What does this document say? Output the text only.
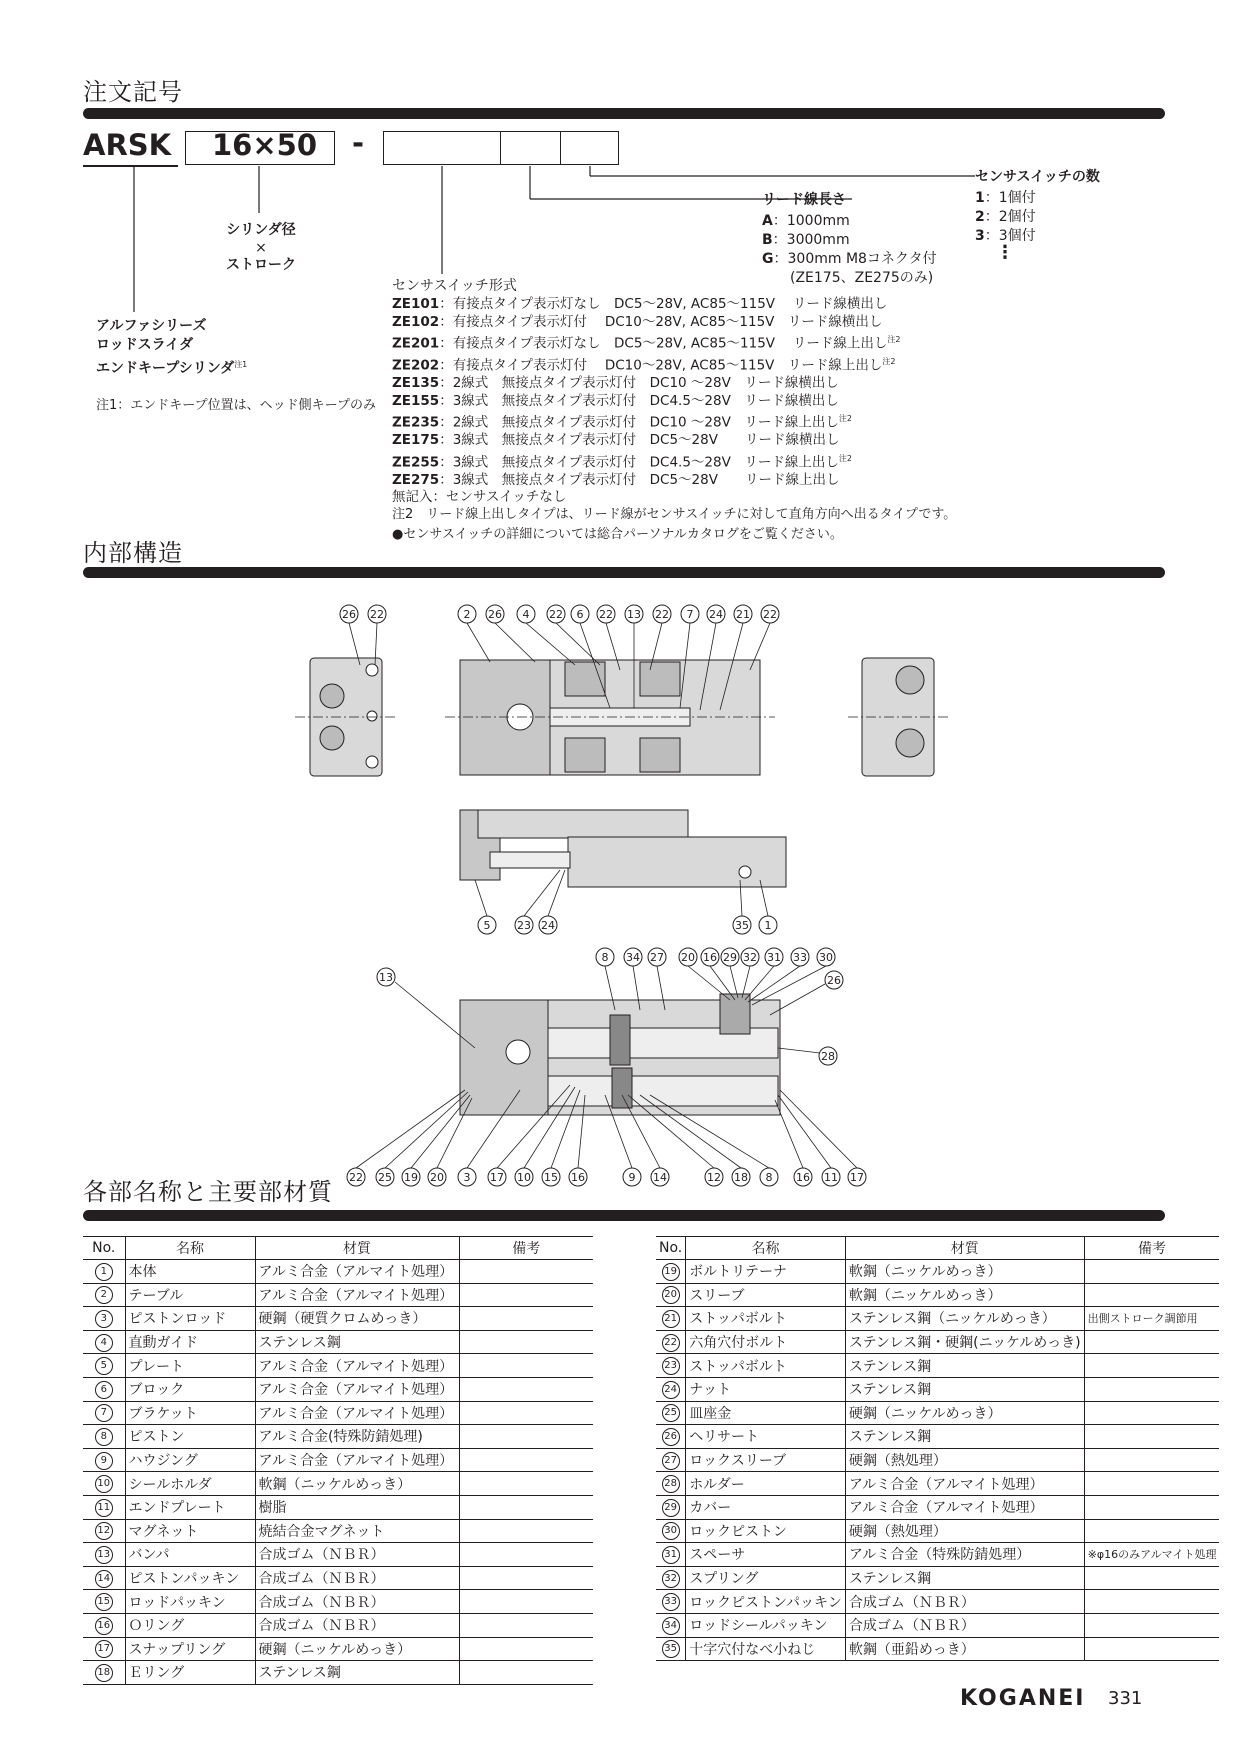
注文記号
ARSK 16×50 -
シリンダ径
×
ストローク
アルファシリーズ
ロッドスライダ
エンドキープシリンダ$^{注1}$
注1：エンドキープ位置は、ヘッド側キープのみ
センサスイッチの数
1：1個付
2：2個付
3：3個付
⋮
リード線長さ
A：1000mm
B：3000mm
G：300mm M8コネクタ付
(ZE175、ZE275のみ)
センサスイッチ形式
ZE101：有接点タイプ表示灯なし　DC5～28V, AC85～115V　 リード線横出し
ZE102：有接点タイプ表示灯付　 DC10～28V, AC85～115V　リード線横出し
ZE201：有接点タイプ表示灯なし　DC5～28V, AC85～115V　 リード線上出し$^{注2}$
ZE202：有接点タイプ表示灯付　 DC10～28V, AC85～115V　リード線上出し$^{注2}$
ZE135：2線式　無接点タイプ表示灯付　DC10 ～28V　リード線横出し
ZE155：3線式　無接点タイプ表示灯付　DC4.5～28V　リード線横出し
ZE235：2線式　無接点タイプ表示灯付　DC10 ～28V　リード線上出し$^{注2}$
ZE175：3線式　無接点タイプ表示灯付　DC5～28V　　リード線横出し
ZE255：3線式　無接点タイプ表示灯付　DC4.5～28V　リード線上出し$^{注2}$
ZE275：3線式　無接点タイプ表示灯付　DC5～28V　　リード線上出し
無記入：センサスイッチなし
注2　リード線上出しタイプは、リード線がセンサスイッチに対して直角方向へ出るタイプです。
●センサスイッチの詳細については総合パーソナルカタログをご覧ください。
内部構造
26 22	2 26 4 22 6 22 13 22 7 24 21 22
5 23 24	35 1
8 34 27 20 16 29 32 31 33 30
13	26
28
22 25 19 20 3 17 10 15 16	9 14	12 18 8 16 11 17
各部名称と主要部材質
No.	名称	材質	備考
1	本体	アルミ合金（アルマイト処理）	
2	テーブル	アルミ合金（アルマイト処理）	
3	ピストンロッド	硬鋼（硬質クロムめっき）	
4	直動ガイド	ステンレス鋼	
5	プレート	アルミ合金（アルマイト処理）	
6	ブロック	アルミ合金（アルマイト処理）	
7	ブラケット	アルミ合金（アルマイト処理）	
8	ピストン	アルミ合金(特殊防錆処理)	
9	ハウジング	アルミ合金（アルマイト処理）	
10	シールホルダ	軟鋼（ニッケルめっき）	
11	エンドプレート	樹脂	
12	マグネット	焼結合金マグネット	
13	バンパ	合成ゴム（ＮＢＲ）	
14	ピストンパッキン	合成ゴム（ＮＢＲ）	
15	ロッドパッキン	合成ゴム（ＮＢＲ）	
16	Ｏリング	合成ゴム（ＮＢＲ）	
17	スナップリング	硬鋼（ニッケルめっき）	
18	Ｅリング	ステンレス鋼	
No.	名称	材質	備考
19	ボルトリテーナ	軟鋼（ニッケルめっき）	
20	スリーブ	軟鋼（ニッケルめっき）	
21	ストッパボルト	ステンレス鋼（ニッケルめっき）	出側ストローク調節用
22	六角穴付ボルト	ステンレス鋼・硬鋼(ニッケルめっき)	
23	ストッパボルト	ステンレス鋼	
24	ナット	ステンレス鋼	
25	皿座金	硬鋼（ニッケルめっき）	
26	ヘリサート	ステンレス鋼	
27	ロックスリーブ	硬鋼（熱処理）	
28	ホルダー	アルミ合金（アルマイト処理）	
29	カバー	アルミ合金（アルマイト処理）	
30	ロックピストン	硬鋼（熱処理）	
31	スペーサ	アルミ合金（特殊防錆処理）	※φ16のみアルマイト処理
32	スプリング	ステンレス鋼	
33	ロックピストンパッキン	合成ゴム（ＮＢＲ）	
34	ロッドシールパッキン	合成ゴム（ＮＢＲ）	
35	十字穴付なべ小ねじ	軟鋼（亜鉛めっき）	
KOGANEI 331
